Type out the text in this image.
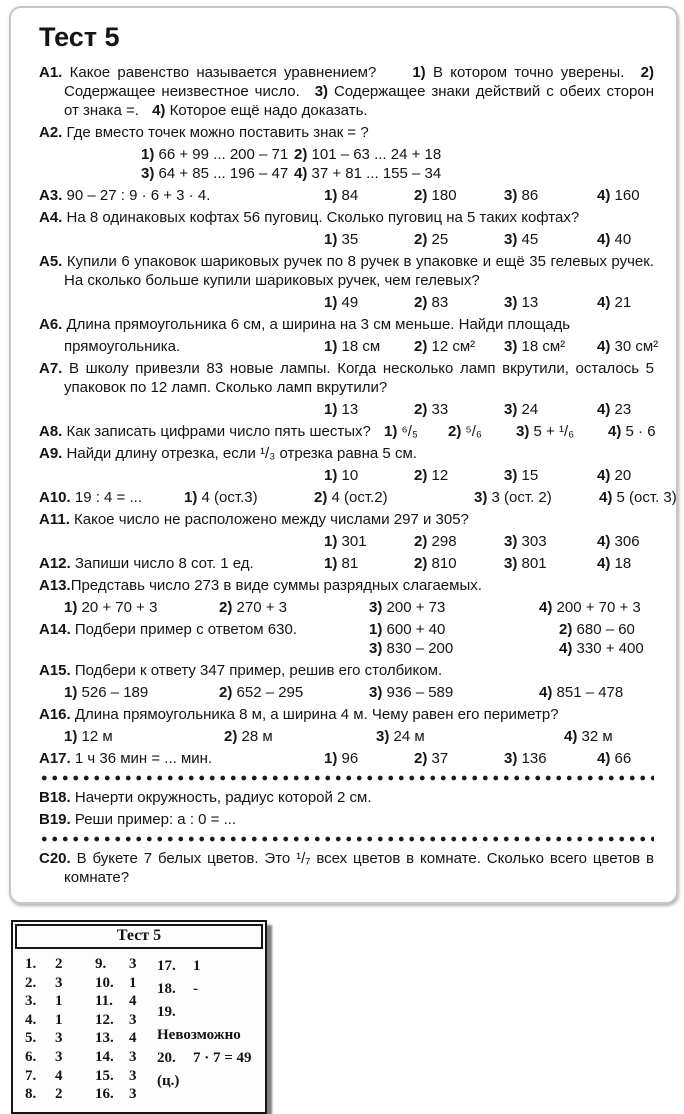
Тест 5

А1. Какое равенство называется уравнением? 1) В котором точно уверены. 2) Содержащее неизвестное число. 3) Содержащее знаки действий с обеих сторон от знака =. 4) Которое ещё надо доказать.

А2. Где вместо точек можно поставить знак = ?

1) 66 + 99 ... 200 – 71 2) 101 – 63 ... 24 + 18
3) 64 + 85 ... 196 – 47 4) 37 + 81 ... 155 – 34
А3. 90 – 27 : 9 · 6 + 3 · 4.	1) 84	2) 180	3) 86	4) 160

А4. На 8 одинаковых кофтах 56 пуговиц. Сколько пуговиц на 5 таких кофтах?

1) 35	2) 25	3) 45	4) 40

А5. Купили 6 упаковок шариковых ручек по 8 ручек в упаковке и ещё 35 гелевых ручек. На сколько больше купили шариковых ручек, чем гелевых?

1) 49	2) 83	3) 13	4) 21

А6. Длина прямоугольника 6 см, а ширина на 3 см меньше. Найди площадь

прямоугольника.	1) 18 см	2) 12 см²	3) 18 см²	4) 30 см²

А7. В школу привезли 83 новые лампы. Когда несколько ламп вкрутили, осталось 5 упаковок по 12 ламп. Сколько ламп вкрутили?

1) 13	2) 33	3) 24	4) 23
А8. Как записать цифрами число пять шестых? 1) ⁶/₅	2) ⁵/₆	3) 5 + ¹/₆	4) 5 · 6

А9. Найди длину отрезка, если ¹/₃ отрезка равна 5 см.

1) 10	2) 12	3) 15	4) 20
А10. 19 : 4 = ...	1) 4 (ост.3)	2) 4 (ост.2)	3) 3 (ост. 2)	4) 5 (ост. 3)

А11. Какое число не расположено между числами 297 и 305?

1) 301	2) 298	3) 303	4) 306
А12. Запиши число 8 сот. 1 ед.	1) 81	2) 810	3) 801	4) 18

А13.Представь число 273 в виде суммы разрядных слагаемых.

1) 20 + 70 + 3	2) 270 + 3	3) 200 + 73	4) 200 + 70 + 3
А14. Подбери пример с ответом 630.	1) 600 + 40	2) 680 – 60
3) 830 – 200	4) 330 + 400

А15. Подбери к ответу 347 пример, решив его столбиком.

1) 526 – 189	2) 652 – 295	3) 936 – 589	4) 851 – 478

А16. Длина прямоугольника 8 м, а ширина 4 м. Чему равен его периметр?

1) 12 м	2) 28 м	3) 24 м	4) 32 м
А17. 1 ч 36 мин = ... мин.	1) 96	2) 37	3) 136	4) 66

В18. Начерти окружность, радиус которой 2 см.

В19. Реши пример: а : 0 = ...

С20. В букете 7 белых цветов. Это ¹/₇ всех цветов в комнате. Сколько всего цветов в комнате?

Тест 5
1. 2
2. 3
3. 1
4. 1
5. 3
6. 3
7. 4
8. 2
9. 3
10. 1
11. 4
12. 3
13. 4
14. 3
15. 3
16. 3
17. 1
18. -
19.Невозможно
20. 7 · 7 = 49 (ц.)
